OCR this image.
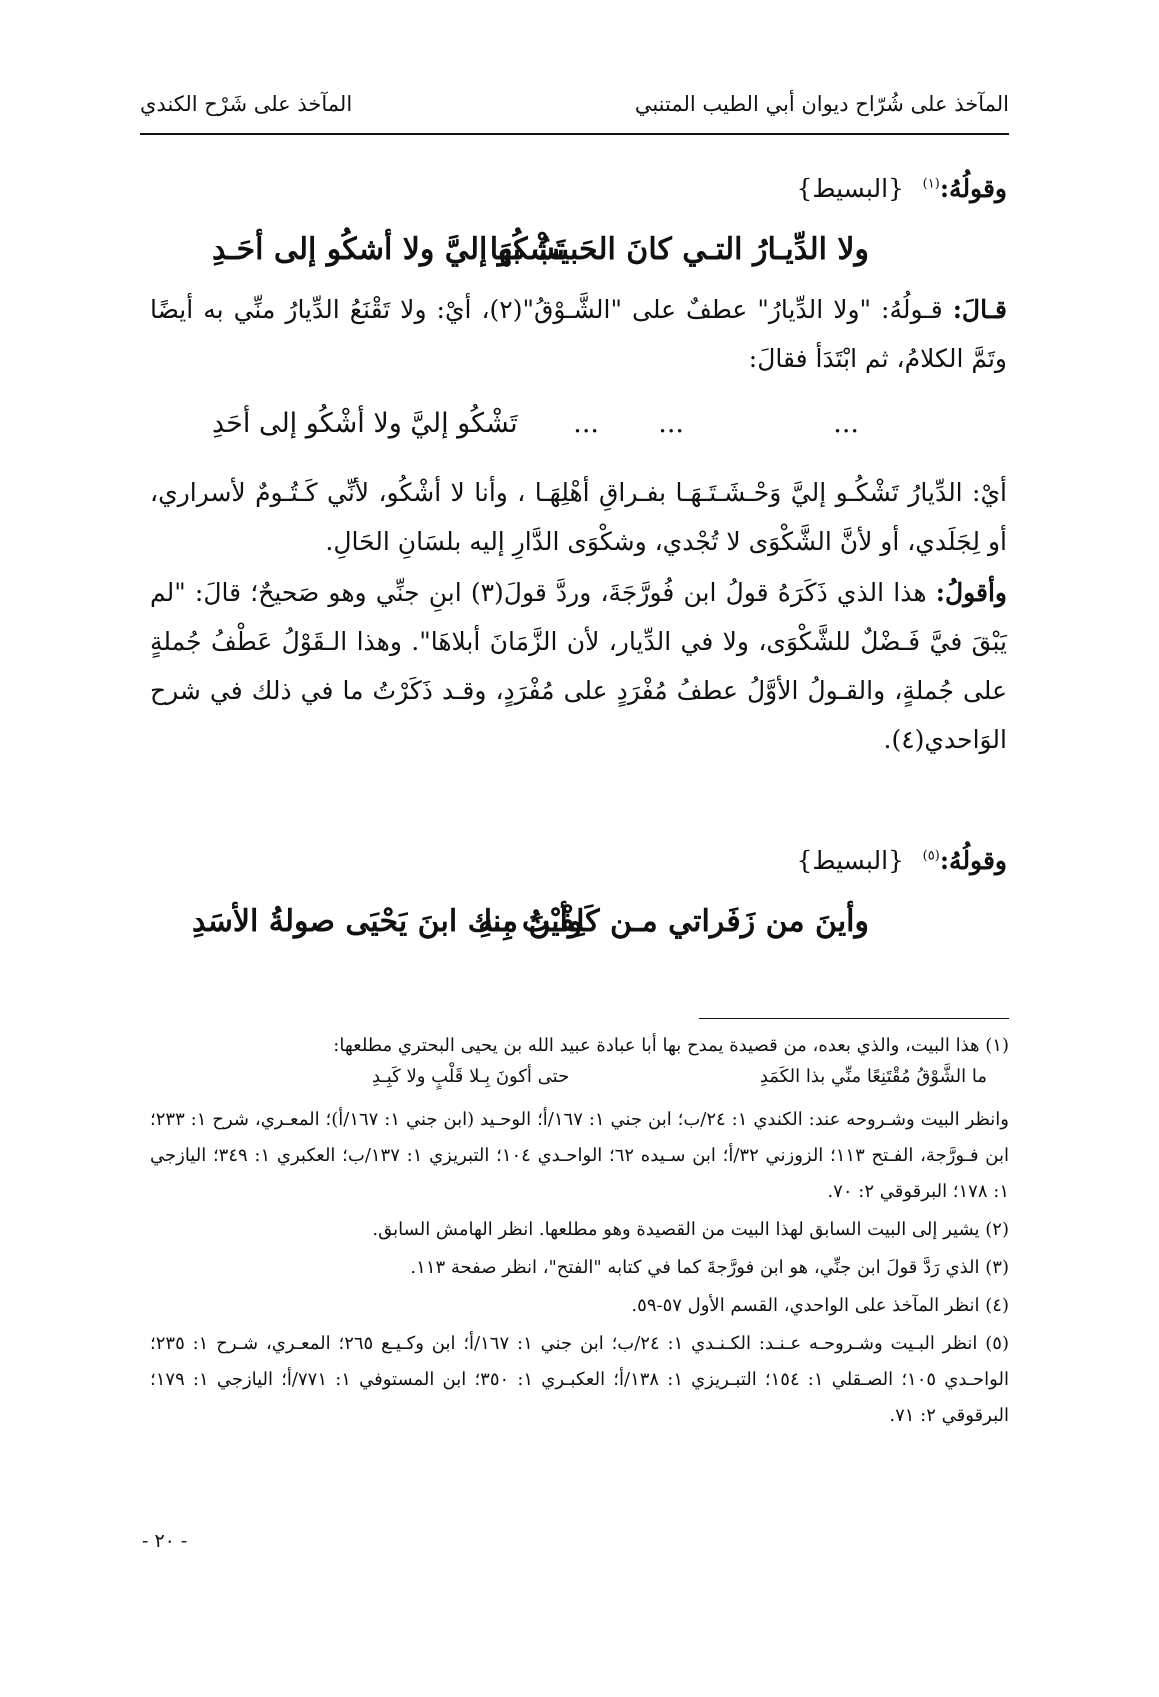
المآخذ على شُرّاح ديوان أبي الطيب المتنبي
المآخذ على شَرْح الكندي
وقولُهُ:$^{(١)}$ {البسيط}
ولا الدِّيـارُ التـي كانَ الحَبيبُ بهَا
تَشْكُو إليَّ ولا أشكُو إلى أحَـدِ
قـالَ: قـولُهُ: "ولا الدِّيارُ" عطفٌ على "الشَّـوْقُ"(٢)، أيْ: ولا تَقْنَعُ الدِّيارُ منِّي به أيضًا وتَمَّ الكلامُ، ثم ابْتَدَأ فقالَ:
...
...
...
تَشْكُو إليَّ ولا أشْكُو إلى أحَدِ
أيْ: الدِّيارُ تَشْكُـو إليَّ وَحْـشَـتَـهَـا بفـراقِ أهْلِهَـا ، وأنا لا أشْكُو، لأنِّي كَـتُـومٌ لأسراري، أو لِجَلَدي، أو لأنَّ الشَّكْوَى لا تُجْدي، وشكْوَى الدَّارِ إليه بلسَانِ الحَالِ.
وأقولُ: هذا الذي ذَكَرَهُ قولُ ابن فُورَّجَةَ، وردَّ قولَ(٣) ابنِ جنِّي وهو صَحيحٌ؛ قالَ: "لم يَبْقَ فيَّ فَـضْلٌ للشَّكْوَى، ولا في الدِّيار، لأن الزَّمَانَ أبلاهَا". وهذا الـقَوْلُ عَطْفُ جُملةٍ على جُملةٍ، والقـولُ الأوَّلُ عطفُ مُفْرَدٍ على مُفْرَدٍ، وقـد ذَكَرْتُ ما في ذلك في شرح الوَاحدي(٤).
وقولُهُ:$^{(٥)}$ {البسيط}
وأينَ من زَفَراتي مـن كَلِفْـتُ بِـهِ
وأيْنَ منك ابنَ يَحْيَى صولةُ الأسَدِ
(١) هذا البيت، والذي بعده، من قصيدة يمدح بها أبا عبادة عبيد الله بن يحيى البحتري مطلعها:
ما الشَّوْقُ مُقْتَنِعًا منِّي بذا الكَمَدِ
حتى أكونَ بِـلا قَلْبٍ ولا كَبِـدِ
وانظر البيت وشـروحه عند: الكندي ١: ٢٤/ب؛ ابن جني ١: ١٦٧/أ؛ الوحـيد (ابن جني ١: ١٦٧/أ)؛ المعـري، شرح ١: ٢٣٣؛ ابن فـورَّجة، الفـتح ١١٣؛ الزوزني ٣٢/أ؛ ابن سـيده ٦٢؛ الواحـدي ١٠٤؛ التبريزي ١: ١٣٧/ب؛ العكبري ١: ٣٤٩؛ اليازجي ١: ١٧٨؛ البرقوقي ٢: ٧٠.
(٢) يشير إلى البيت السابق لهذا البيت من القصيدة وهو مطلعها. انظر الهامش السابق.
(٣) الذي رَدَّ قولَ ابن جنِّي، هو ابن فورَّجةَ كما في كتابه "الفتح"، انظر صفحة ١١٣.
(٤) انظر المآخذ على الواحدي، القسم الأول ٥٧-٥٩.
(٥) انظر البـيت وشـروحـه عـنـد: الكـنـدي ١: ٢٤/ب؛ ابن جني ١: ١٦٧/أ؛ ابن وكـيـع ٢٦٥؛ المعـري، شـرح ١: ٢٣٥؛ الواحـدي ١٠٥؛ الصـقلي ١: ١٥٤؛ التبـريزي ١: ١٣٨/أ؛ العكبـري ١: ٣٥٠؛ ابن المستوفي ١: ٧٧١/أ؛ اليازجي ١: ١٧٩؛ البرقوقي ٢: ٧١.
- ٢٠ -
